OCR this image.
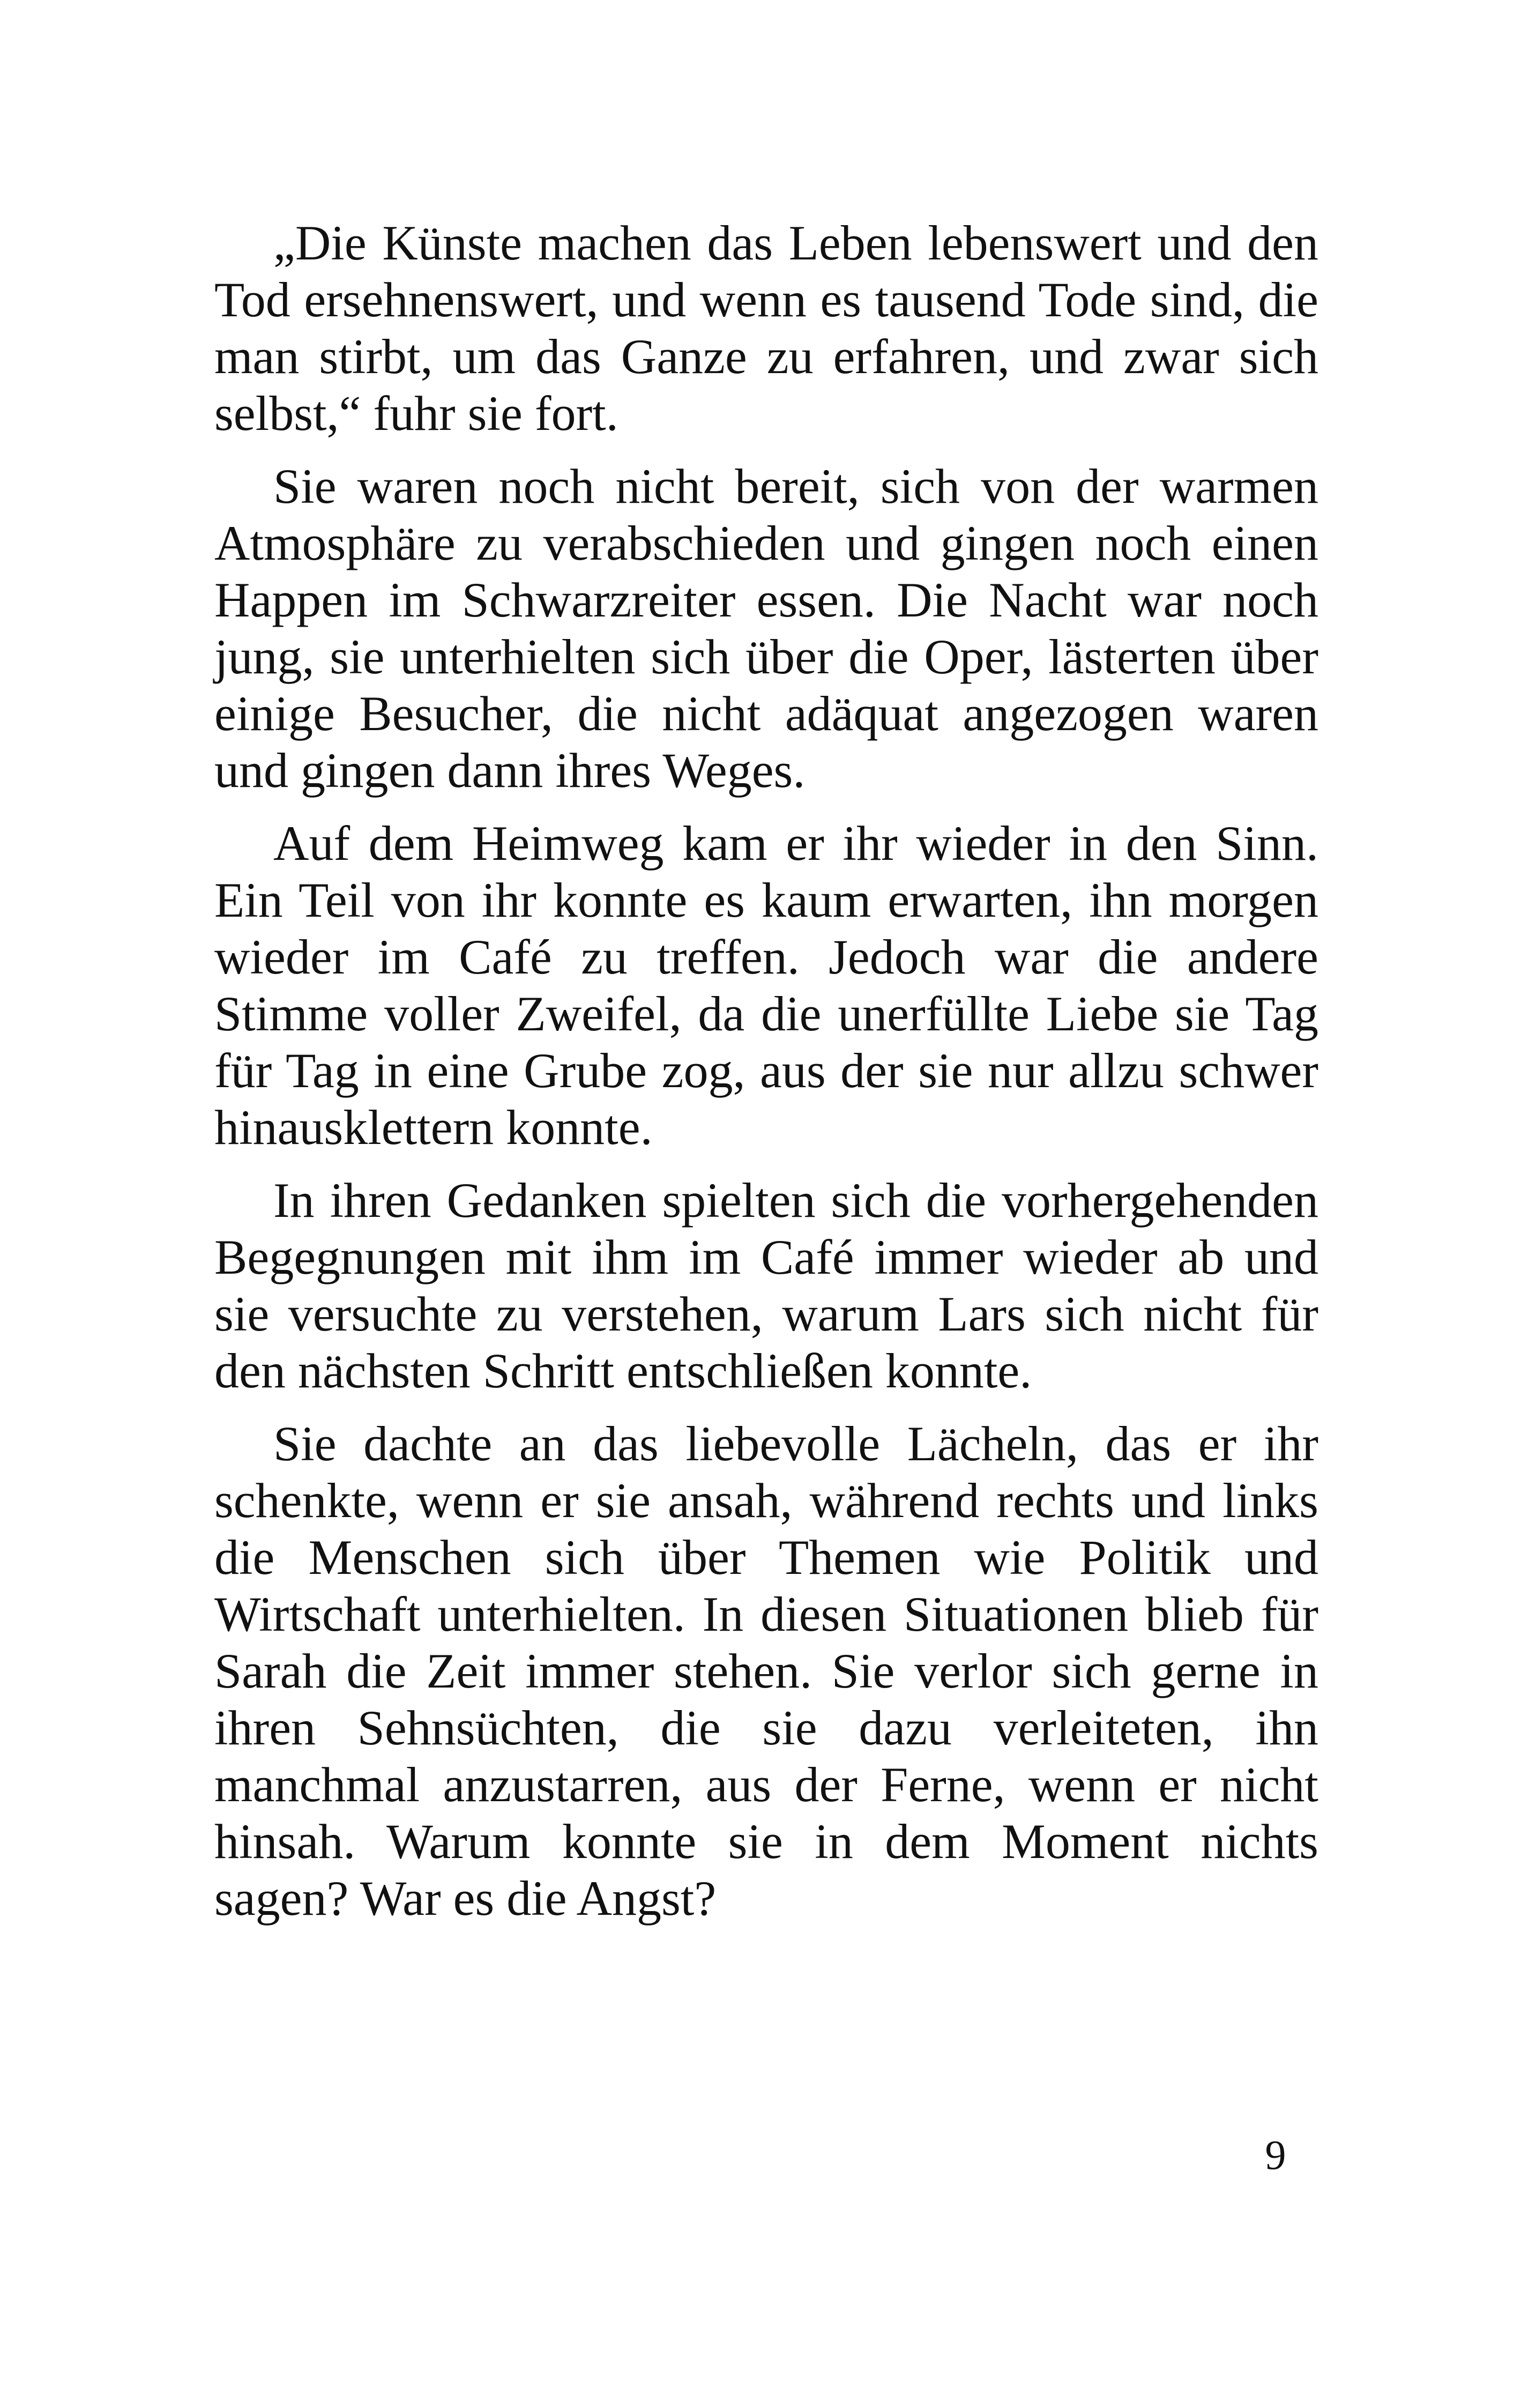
„Die Künste machen das Leben lebenswert und den Tod ersehnenswert, und wenn es tausend Tode sind, die man stirbt, um das Ganze zu erfahren, und zwar sich selbst,“ fuhr sie fort.

Sie waren noch nicht bereit, sich von der warmen Atmosphäre zu verabschieden und gingen noch einen Happen im Schwarzreiter essen. Die Nacht war noch jung, sie unterhielten sich über die Oper, lästerten über einige Besucher, die nicht adäquat angezogen waren und gingen dann ihres Weges.

Auf dem Heimweg kam er ihr wieder in den Sinn. Ein Teil von ihr konnte es kaum erwarten, ihn morgen wieder im Café zu treffen. Jedoch war die andere Stimme voller Zweifel, da die unerfüllte Liebe sie Tag für Tag in eine Grube zog, aus der sie nur allzu schwer hinausklettern konnte.

In ihren Gedanken spielten sich die vorhergehenden Begegnungen mit ihm im Café immer wieder ab und sie versuchte zu verstehen, warum Lars sich nicht für den nächsten Schritt entschließen konnte.

Sie dachte an das liebevolle Lächeln, das er ihr schenkte, wenn er sie ansah, während rechts und links die Menschen sich über Themen wie Politik und Wirtschaft unterhielten. In diesen Situationen blieb für Sarah die Zeit immer stehen. Sie verlor sich gerne in ihren Sehnsüchten, die sie dazu verleiteten, ihn manchmal anzustarren, aus der Ferne, wenn er nicht hinsah. Warum konnte sie in dem Moment nichts sagen? War es die Angst?

9
